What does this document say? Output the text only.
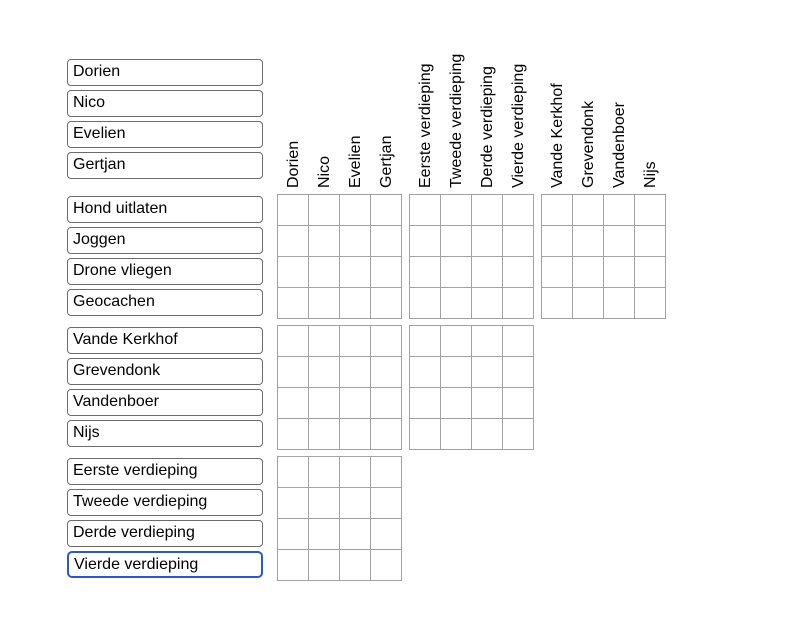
Dorien
Nico
Evelien
Gertjan	Dorien Nico Evelien Gertjan Eerste verdieping Tweede verdieping Derde verdieping Vierde verdieping Vande Kerkhof Grevendonk Vandenboer Nijs
Hond uitlaten
Joggen
Drone vliegen
Geocachen
Vande Kerkhof
Grevendonk
Vandenboer
Nijs
Eerste verdieping
Tweede verdieping
Derde verdieping
Vierde verdieping
